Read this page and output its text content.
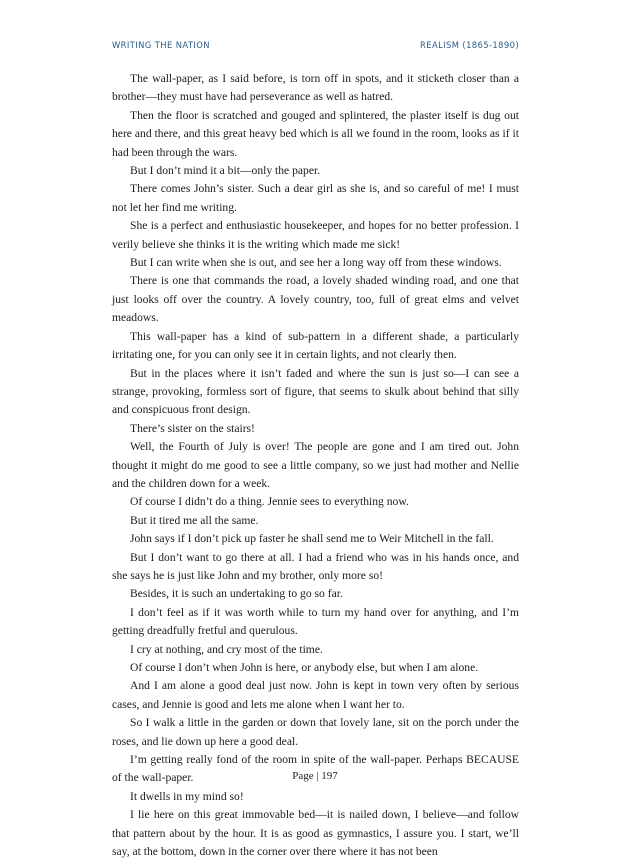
WRITING THE NATION	REALISM (1865-1890)

The wall-paper, as I said before, is torn off in spots, and it sticketh closer than a brother—they must have had perseverance as well as hatred.

Then the floor is scratched and gouged and splintered, the plaster itself is dug out here and there, and this great heavy bed which is all we found in the room, looks as if it had been through the wars.

But I don’t mind it a bit—only the paper.

There comes John’s sister. Such a dear girl as she is, and so careful of me! I must not let her find me writing.

She is a perfect and enthusiastic housekeeper, and hopes for no better profession. I verily believe she thinks it is the writing which made me sick!

But I can write when she is out, and see her a long way off from these windows.

There is one that commands the road, a lovely shaded winding road, and one that just looks off over the country. A lovely country, too, full of great elms and velvet meadows.

This wall-paper has a kind of sub-pattern in a different shade, a particularly irritating one, for you can only see it in certain lights, and not clearly then.

But in the places where it isn’t faded and where the sun is just so—I can see a strange, provoking, formless sort of figure, that seems to skulk about behind that silly and conspicuous front design.

There’s sister on the stairs!

Well, the Fourth of July is over! The people are gone and I am tired out. John thought it might do me good to see a little company, so we just had mother and Nellie and the children down for a week.

Of course I didn’t do a thing. Jennie sees to everything now.

But it tired me all the same.

John says if I don’t pick up faster he shall send me to Weir Mitchell in the fall.

But I don’t want to go there at all. I had a friend who was in his hands once, and she says he is just like John and my brother, only more so!

Besides, it is such an undertaking to go so far.

I don’t feel as if it was worth while to turn my hand over for anything, and I’m getting dreadfully fretful and querulous.

I cry at nothing, and cry most of the time.

Of course I don’t when John is here, or anybody else, but when I am alone.

And I am alone a good deal just now. John is kept in town very often by serious cases, and Jennie is good and lets me alone when I want her to.

So I walk a little in the garden or down that lovely lane, sit on the porch under the roses, and lie down up here a good deal.

I’m getting really fond of the room in spite of the wall-paper. Perhaps BECAUSE of the wall-paper.

It dwells in my mind so!

I lie here on this great immovable bed—it is nailed down, I believe—and follow that pattern about by the hour. It is as good as gymnastics, I assure you. I start, we’ll say, at the bottom, down in the corner over there where it has not been

Page | 197
